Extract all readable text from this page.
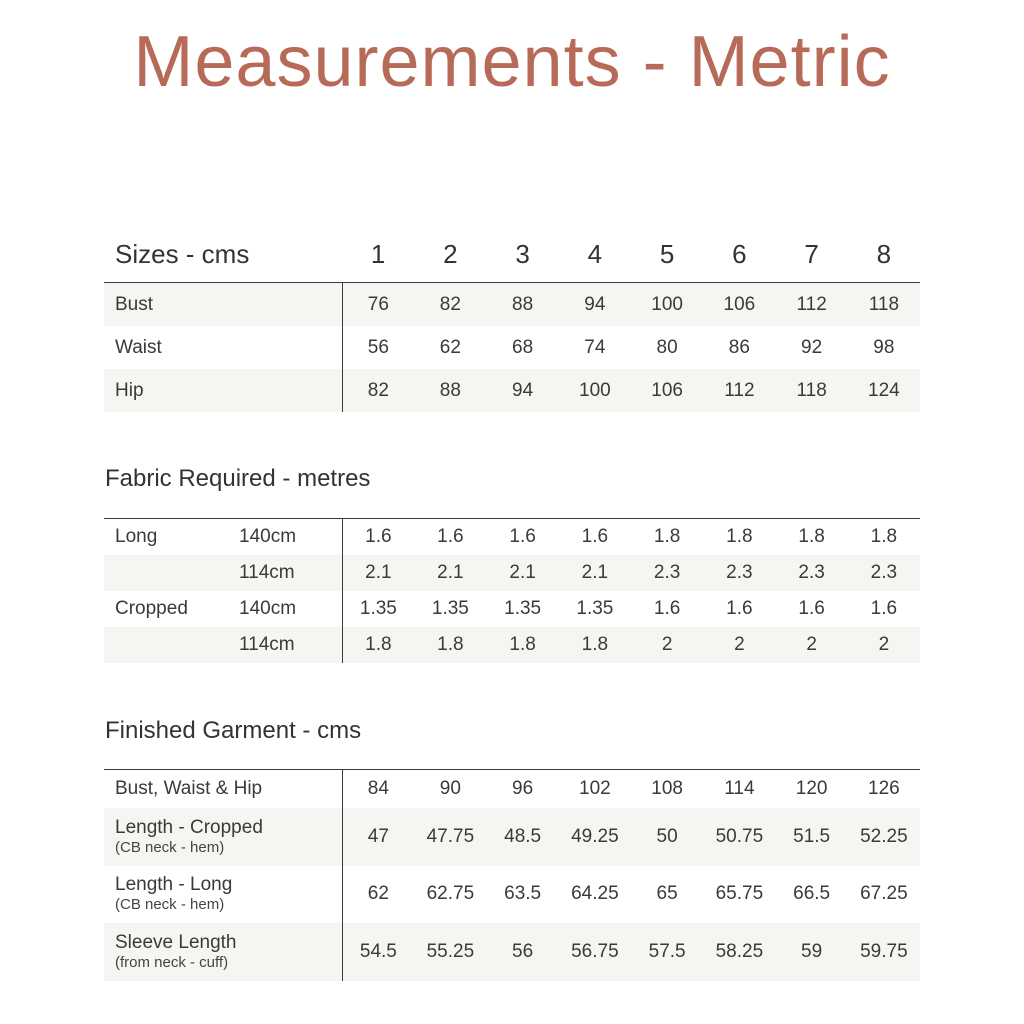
Measurements - Metric
Sizes - cms	1	2	3	4	5	6	7	8
Bust	76	82	88	94	100	106	112	118
Waist	56	62	68	74	80	86	92	98
Hip	82	88	94	100	106	112	118	124
Fabric Required - metres
Long	140cm	1.6	1.6	1.6	1.6	1.8	1.8	1.8	1.8
	114cm	2.1	2.1	2.1	2.1	2.3	2.3	2.3	2.3
Cropped	140cm	1.35	1.35	1.35	1.35	1.6	1.6	1.6	1.6
	114cm	1.8	1.8	1.8	1.8	2	2	2	2
Finished Garment - cms
Bust, Waist & Hip	84	90	96	102	108	114	120	126

Length - Cropped
(CB neck - hem)	47	47.75	48.5	49.25	50	50.75	51.5	52.25

Length - Long
(CB neck - hem)	62	62.75	63.5	64.25	65	65.75	66.5	67.25

Sleeve Length
(from neck - cuff)	54.5	55.25	56	56.75	57.5	58.25	59	59.75
